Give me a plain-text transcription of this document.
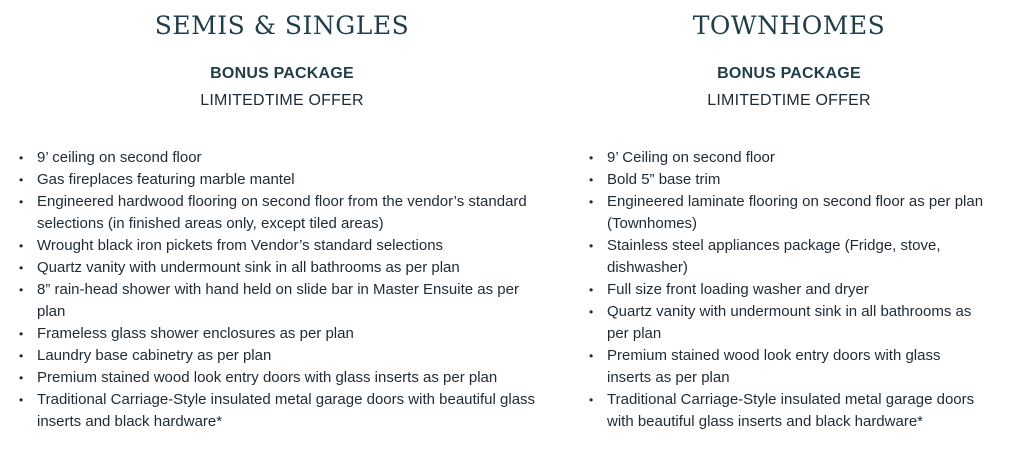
SEMIS & SINGLES
BONUS PACKAGE
LIMITEDTIME OFFER
• 9’ ceiling on second floor
• Gas fireplaces featuring marble mantel
• Engineered hardwood flooring on second floor from the vendor’s standard selections (in finished areas only, except tiled areas)
• Wrought black iron pickets from Vendor’s standard selections
• Quartz vanity with undermount sink in all bathrooms as per plan
• 8” rain-head shower with hand held on slide bar in Master Ensuite as per plan
• Frameless glass shower enclosures as per plan
• Laundry base cabinetry as per plan
• Premium stained wood look entry doors with glass inserts as per plan
• Traditional Carriage-Style insulated metal garage doors with beautiful glass inserts and black hardware*
TOWNHOMES
BONUS PACKAGE
LIMITEDTIME OFFER
• 9’ Ceiling on second floor
• Bold 5” base trim
• Engineered laminate flooring on second floor as per plan (Townhomes)
• Stainless steel appliances package (Fridge, stove, dishwasher)
• Full size front loading washer and dryer
• Quartz vanity with undermount sink in all bathrooms as per plan
• Premium stained wood look entry doors with glass inserts as per plan
• Traditional Carriage-Style insulated metal garage doors with beautiful glass inserts and black hardware*
